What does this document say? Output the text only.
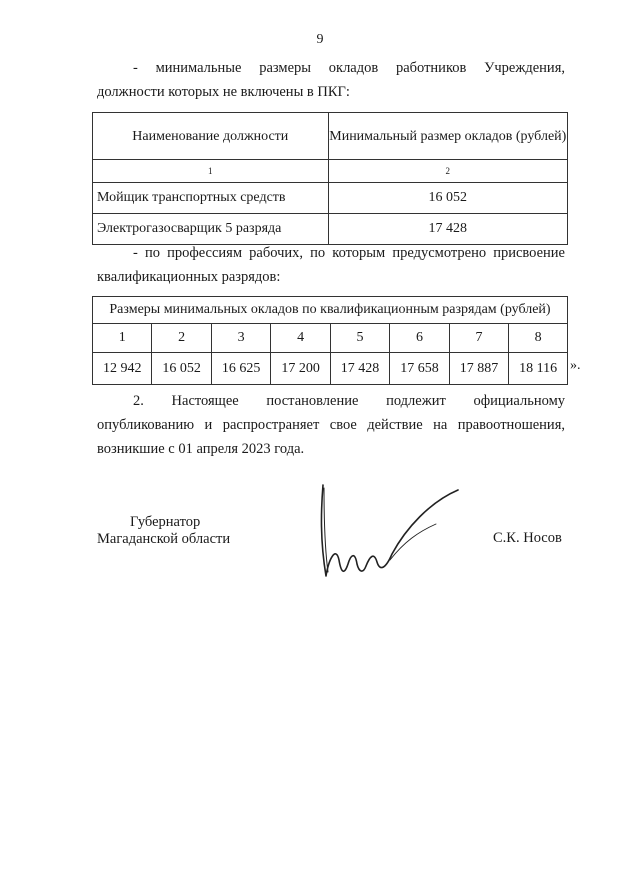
9

- минимальные размеры окладов работников Учреждения,

должности которых не включены в ПКГ:

Наименование должности	Минимальный размер окладов (рублей)
1	2
Мойщик транспортных средств	16 052
Электрогазосварщик 5 разряда	17 428

- по профессиям рабочих, по которым предусмотрено присвоение

квалификационных разрядов:

Размеры минимальных окладов по квалификационным разрядам (рублей)							
1	2	3	4	5	6	7	8
12 942	16 052	16 625	17 200	17 428	17 658	17 887	18 116 ».

2. Настоящее постановление подлежит официальному

опубликованию и распространяет свое действие на правоотношения,

возникшие с 01 апреля 2023 года.

Губернатор
Магаданской области	С.К. Носов
